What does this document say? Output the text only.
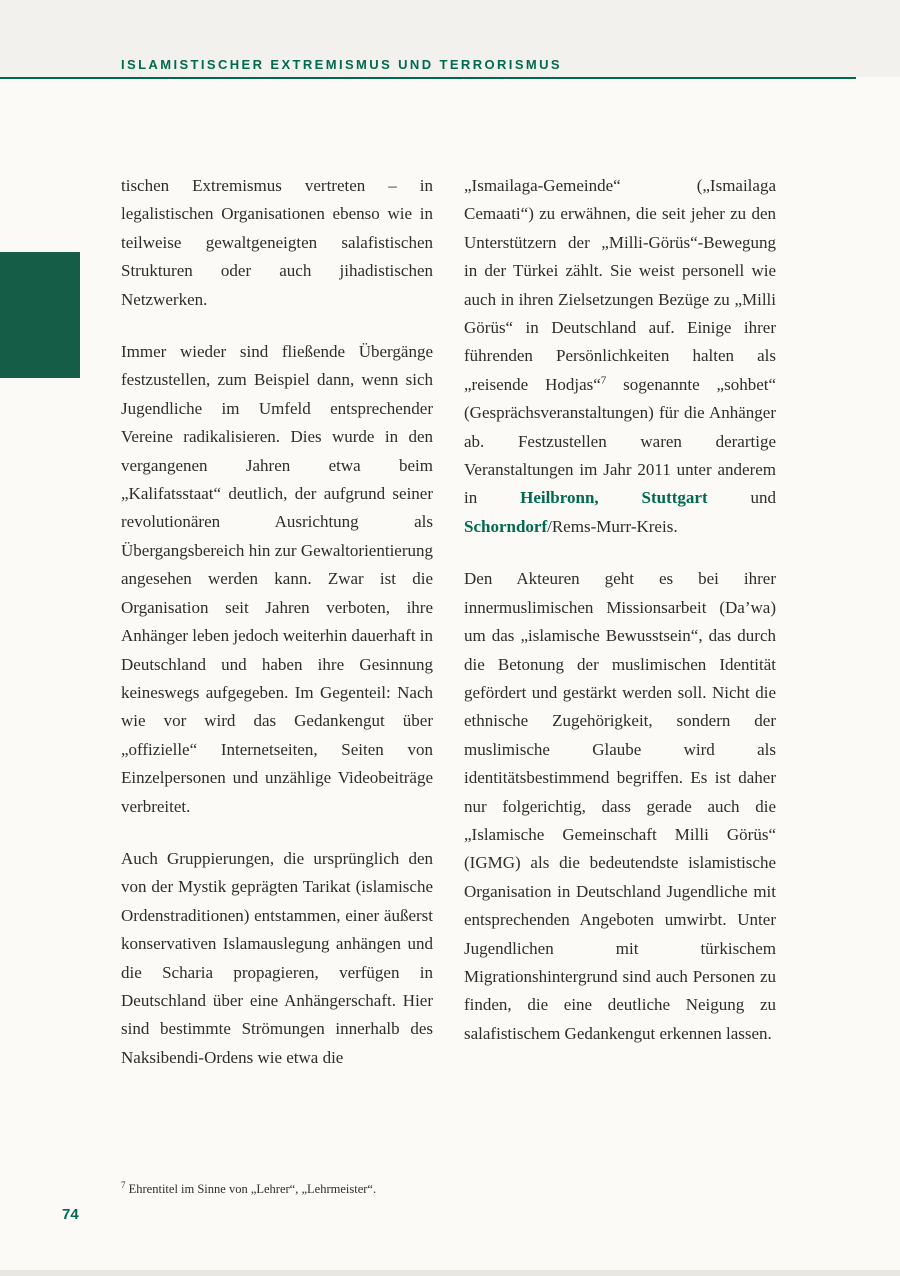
ISLAMISTISCHER EXTREMISMUS UND TERRORISMUS

tischen Extremismus vertreten – in legalistischen Organisationen ebenso wie in teilweise gewaltgeneigten salafistischen Strukturen oder auch jihadistischen Netzwerken.

Immer wieder sind fließende Übergänge festzustellen, zum Beispiel dann, wenn sich Jugendliche im Umfeld entsprechender Vereine radikalisieren. Dies wurde in den vergangenen Jahren etwa beim „Kalifatsstaat“ deutlich, der aufgrund seiner revolutionären Ausrichtung als Übergangsbereich hin zur Gewaltorientierung angesehen werden kann. Zwar ist die Organisation seit Jahren verboten, ihre Anhänger leben jedoch weiterhin dauerhaft in Deutschland und haben ihre Gesinnung keineswegs aufgegeben. Im Gegenteil: Nach wie vor wird das Gedankengut über „offizielle“ Internetseiten, Seiten von Einzelpersonen und unzählige Videobeiträge verbreitet.

Auch Gruppierungen, die ursprünglich den von der Mystik geprägten Tarikat (islamische Ordenstraditionen) entstammen, einer äußerst konservativen Islamauslegung anhängen und die Scharia propagieren, verfügen in Deutschland über eine Anhängerschaft. Hier sind bestimmte Strömungen innerhalb des Naksibendi-Ordens wie etwa die

„Ismailaga-Gemeinde“ („Ismailaga Cemaati“) zu erwähnen, die seit jeher zu den Unterstützern der „Milli-Görüs“-Bewegung in der Türkei zählt. Sie weist personell wie auch in ihren Zielsetzungen Bezüge zu „Milli Görüs“ in Deutschland auf. Einige ihrer führenden Persönlichkeiten halten als „reisende Hodjas“$^7$ sogenannte „sohbet“ (Gesprächsveranstaltungen) für die Anhänger ab. Festzustellen waren derartige Veranstaltungen im Jahr 2011 unter anderem in Heilbronn, Stuttgart und Schorndorf/Rems-Murr-Kreis.

Den Akteuren geht es bei ihrer innermuslimischen Missionsarbeit (Da’wa) um das „islamische Bewusstsein“, das durch die Betonung der muslimischen Identität gefördert und gestärkt werden soll. Nicht die ethnische Zugehörigkeit, sondern der muslimische Glaube wird als identitätsbestimmend begriffen. Es ist daher nur folgerichtig, dass gerade auch die „Islamische Gemeinschaft Milli Görüs“ (IGMG) als die bedeutendste islamistische Organisation in Deutschland Jugendliche mit entsprechenden Angeboten umwirbt. Unter Jugendlichen mit türkischem Migrationshintergrund sind auch Personen zu finden, die eine deutliche Neigung zu salafistischem Gedankengut erkennen lassen.

$^7$ Ehrentitel im Sinne von „Lehrer“, „Lehrmeister“.
74
